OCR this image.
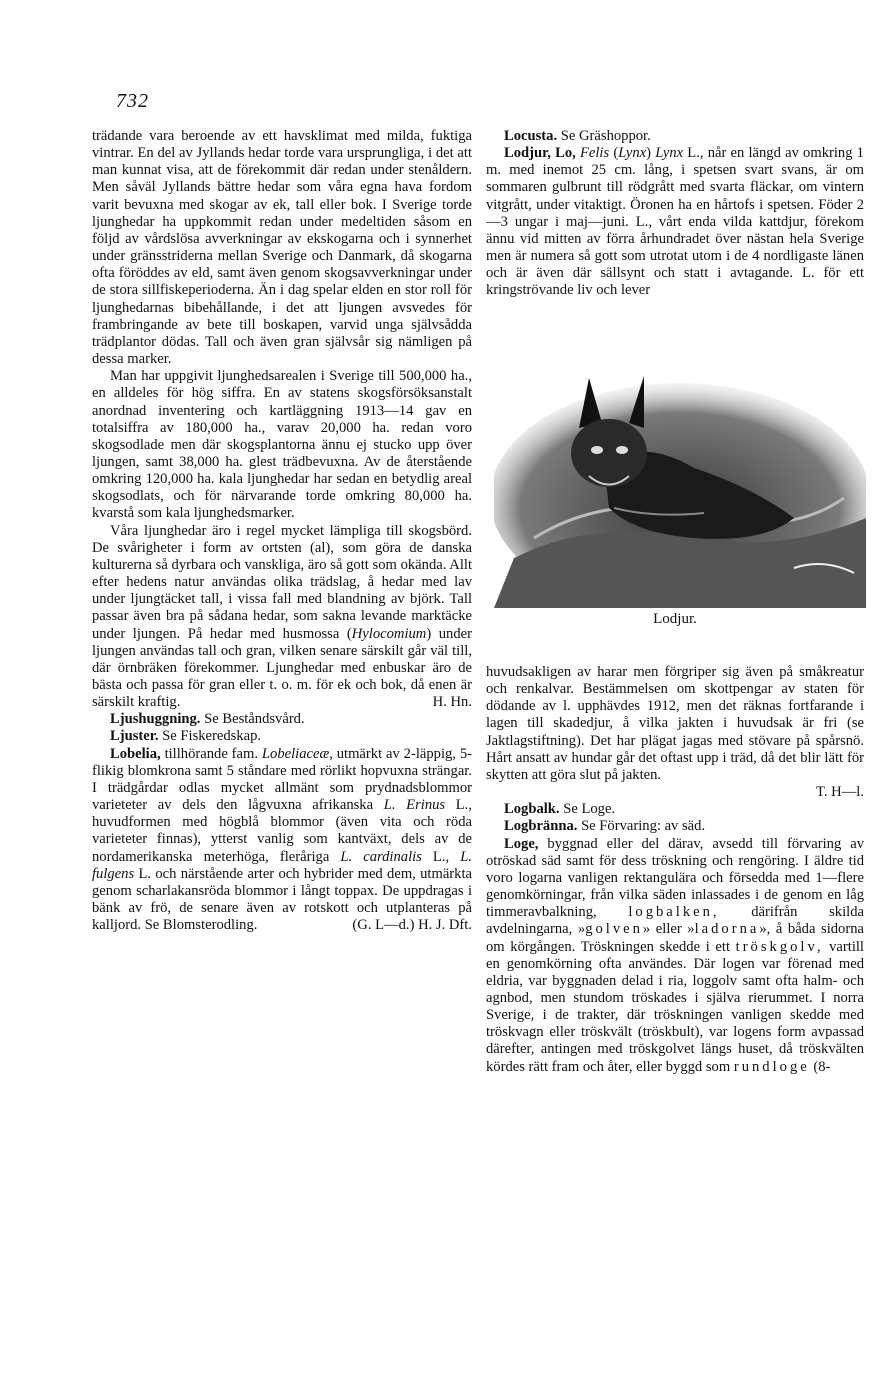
732

trädande vara beroende av ett havsklimat med milda, fuktiga vintrar. En del av Jyllands hedar torde vara ursprungliga, i det att man kunnat visa, att de förekommit där redan under stenåldern. Men såväl Jyllands bättre hedar som våra egna hava fordom varit bevuxna med skogar av ek, tall eller bok. I Sverige torde ljunghedar ha uppkommit redan under medeltiden såsom en följd av vårdslösa avverkningar av ekskogarna och i synnerhet under gränsstriderna mellan Sverige och Danmark, då skogarna ofta föröddes av eld, samt även genom skogsavverkningar under de stora sillfiskeperioderna. Än i dag spelar elden en stor roll för ljunghedarnas bibehållande, i det att ljungen avsvedes för frambringande av bete till boskapen, varvid unga självsådda trädplantor dödas. Tall och även gran självsår sig nämligen på dessa marker.

Man har uppgivit ljunghedsarealen i Sverige till 500,000 ha., en alldeles för hög siffra. En av statens skogsförsöksanstalt anordnad inventering och kartläggning 1913—14 gav en totalsiffra av 180,000 ha., varav 20,000 ha. redan voro skogsodlade men där skogsplantorna ännu ej stucko upp över ljungen, samt 38,000 ha. glest trädbevuxna. Av de återstående omkring 120,000 ha. kala ljunghedar har sedan en betydlig areal skogsodlats, och för närvarande torde omkring 80,000 ha. kvarstå som kala ljunghedsmarker.

Våra ljunghedar äro i regel mycket lämpliga till skogsbörd. De svårigheter i form av ortsten (al), som göra de danska kulturerna så dyrbara och vanskliga, äro så gott som okända. Allt efter hedens natur användas olika trädslag, å hedar med lav under ljungtäcket tall, i vissa fall med blandning av björk. Tall passar även bra på sådana hedar, som sakna levande marktäcke under ljungen. På hedar med husmossa (Hylocomium) under ljungen användas tall och gran, vilken senare särskilt går väl till, där örnbräken förekommer. Ljunghedar med enbuskar äro de bästa och passa för gran eller t. o. m. för ek och bok, då enen är särskilt kraftig.	H. Hn.

Ljushuggning. Se Beståndsvård.

Ljuster. Se Fiskeredskap.

Lobelia, tillhörande fam. Lobeliaceæ, utmärkt av 2-läppig, 5-flikig blomkrona samt 5 ståndare med rörlikt hopvuxna strängar. I trädgårdar odlas mycket allmänt som prydnadsblommor varieteter av dels den lågvuxna afrikanska L. Erinus L., huvudformen med högblå blommor (även vita och röda varieteter finnas), ytterst vanlig som kantväxt, dels av de nordamerikanska meterhöga, fleråriga L. cardinalis L., L. fulgens L. och närstående arter och hybrider med dem, utmärkta genom scharlakansröda blommor i långt toppax. De uppdragas i bänk av frö, de senare även av rotskott och utplanteras på kalljord. Se Blomsterodling.	(G. L—d.) H. J. Dft.

Locusta. Se Gräshoppor.

Lodjur, Lo, Felis (Lynx) Lynx L., når en längd av omkring 1 m. med inemot 25 cm. lång, i spetsen svart svans, är om sommaren gulbrunt till rödgrått med svarta fläckar, om vintern vitgrått, under vitaktigt. Öronen ha en hårtofs i spetsen. Föder 2—3 ungar i maj—juni. L., vårt enda vilda kattdjur, förekom ännu vid mitten av förra århundradet över nästan hela Sverige men är numera så gott som utrotat utom i de 4 nordligaste länen och är även där sällsynt och statt i avtagande. L. för ett kringströvande liv och lever

Lodjur.

huvudsakligen av harar men förgriper sig även på småkreatur och renkalvar. Bestämmelsen om skottpengar av staten för dödande av l. upphävdes 1912, men det räknas fortfarande i lagen till skadedjur, å vilka jakten i huvudsak är fri (se Jaktlagstiftning). Det har plägat jagas med stövare på spårsnö. Hårt ansatt av hundar går det oftast upp i träd, då det blir lätt för skytten att göra slut på jakten.

T. H—l.

Logbalk. Se Loge.

Logbränna. Se Förvaring: av säd.

Loge, byggnad eller del därav, avsedd till förvaring av otröskad säd samt för dess tröskning och rengöring. I äldre tid voro logarna vanligen rektangulära och försedda med 1—flere genomkörningar, från vilka säden inlassades i de genom en låg timmeravbalkning, logbalken, därifrån skilda avdelningarna, »golven» eller »ladorna», å båda sidorna om körgången. Tröskningen skedde i ett tröskgolv, vartill en genomkörning ofta användes. Där logen var förenad med eldria, var byggnaden delad i ria, loggolv samt ofta halm- och agnbod, men stundom tröskades i själva rierummet. I norra Sverige, i de trakter, där tröskningen vanligen skedde med tröskvagn eller tröskvält (tröskbult), var logens form avpassad därefter, antingen med tröskgolvet längs huset, då tröskvälten kördes rätt fram och åter, eller byggd som rundloge (8-
